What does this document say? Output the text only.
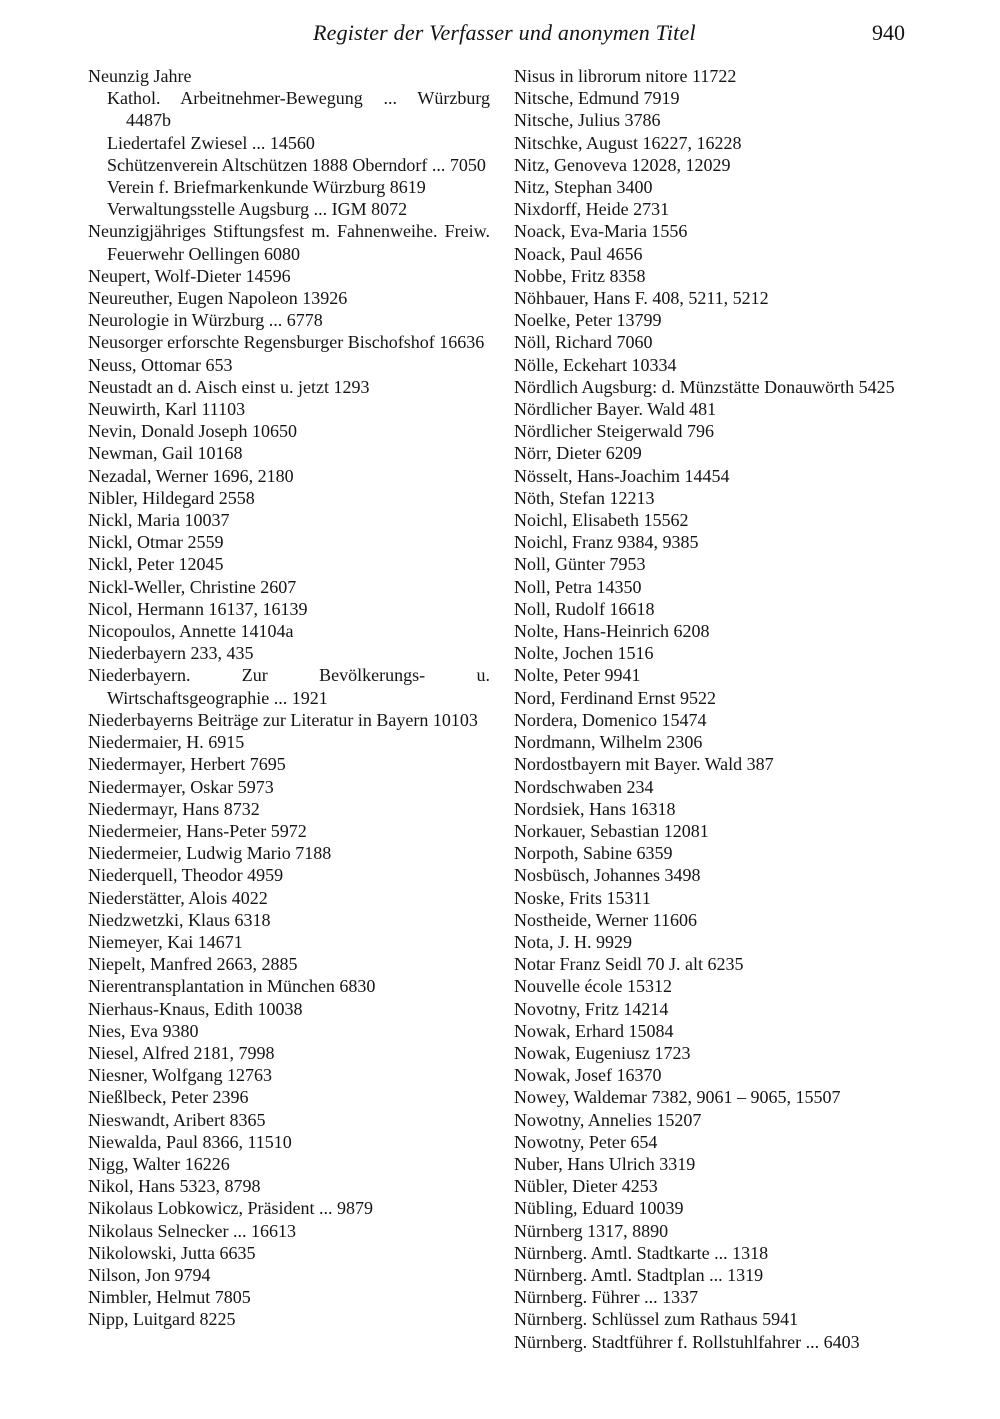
Register der Verfasser und anonymen Titel	940
Neunzig Jahre
Kathol. Arbeitnehmer-Bewegung ... Würzburg 4487b
Liedertafel Zwiesel ... 14560
Schützenverein Altschützen 1888 Oberndorf ... 7050
Verein f. Briefmarkenkunde Würzburg 8619
Verwaltungsstelle Augsburg ... IGM 8072
Neunzigjähriges Stiftungsfest m. Fahnenweihe. Freiw. Feuerwehr Oellingen 6080
Neupert, Wolf-Dieter 14596
Neureuther, Eugen Napoleon 13926
Neurologie in Würzburg ... 6778
Neusorger erforschte Regensburger Bischofshof 16636
Neuss, Ottomar 653
Neustadt an d. Aisch einst u. jetzt 1293
Neuwirth, Karl 11103
Nevin, Donald Joseph 10650
Newman, Gail 10168
Nezadal, Werner 1696, 2180
Nibler, Hildegard 2558
Nickl, Maria 10037
Nickl, Otmar 2559
Nickl, Peter 12045
Nickl-Weller, Christine 2607
Nicol, Hermann 16137, 16139
Nicopoulos, Annette 14104a
Niederbayern 233, 435
Niederbayern. Zur Bevölkerungs- u. Wirtschaftsgeographie ... 1921
Niederbayerns Beiträge zur Literatur in Bayern 10103
Niedermaier, H. 6915
Niedermayer, Herbert 7695
Niedermayer, Oskar 5973
Niedermayr, Hans 8732
Niedermeier, Hans-Peter 5972
Niedermeier, Ludwig Mario 7188
Niederquell, Theodor 4959
Niederstätter, Alois 4022
Niedzwetzki, Klaus 6318
Niemeyer, Kai 14671
Niepelt, Manfred 2663, 2885
Nierentransplantation in München 6830
Nierhaus-Knaus, Edith 10038
Nies, Eva 9380
Niesel, Alfred 2181, 7998
Niesner, Wolfgang 12763
Nießlbeck, Peter 2396
Nieswandt, Aribert 8365
Niewalda, Paul 8366, 11510
Nigg, Walter 16226
Nikol, Hans 5323, 8798
Nikolaus Lobkowicz, Präsident ... 9879
Nikolaus Selnecker ... 16613
Nikolowski, Jutta 6635
Nilson, Jon 9794
Nimbler, Helmut 7805
Nipp, Luitgard 8225
Nisus in librorum nitore 11722
Nitsche, Edmund 7919
Nitsche, Julius 3786
Nitschke, August 16227, 16228
Nitz, Genoveva 12028, 12029
Nitz, Stephan 3400
Nixdorff, Heide 2731
Noack, Eva-Maria 1556
Noack, Paul 4656
Nobbe, Fritz 8358
Nöhbauer, Hans F. 408, 5211, 5212
Noelke, Peter 13799
Nöll, Richard 7060
Nölle, Eckehart 10334
Nördlich Augsburg: d. Münzstätte Donauwörth 5425
Nördlicher Bayer. Wald 481
Nördlicher Steigerwald 796
Nörr, Dieter 6209
Nösselt, Hans-Joachim 14454
Nöth, Stefan 12213
Noichl, Elisabeth 15562
Noichl, Franz 9384, 9385
Noll, Günter 7953
Noll, Petra 14350
Noll, Rudolf 16618
Nolte, Hans-Heinrich 6208
Nolte, Jochen 1516
Nolte, Peter 9941
Nord, Ferdinand Ernst 9522
Nordera, Domenico 15474
Nordmann, Wilhelm 2306
Nordostbayern mit Bayer. Wald 387
Nordschwaben 234
Nordsiek, Hans 16318
Norkauer, Sebastian 12081
Norpoth, Sabine 6359
Nosbüsch, Johannes 3498
Noske, Frits 15311
Nostheide, Werner 11606
Nota, J. H. 9929
Notar Franz Seidl 70 J. alt 6235
Nouvelle école 15312
Novotny, Fritz 14214
Nowak, Erhard 15084
Nowak, Eugeniusz 1723
Nowak, Josef 16370
Nowey, Waldemar 7382, 9061 – 9065, 15507
Nowotny, Annelies 15207
Nowotny, Peter 654
Nuber, Hans Ulrich 3319
Nübler, Dieter 4253
Nübling, Eduard 10039
Nürnberg 1317, 8890
Nürnberg. Amtl. Stadtkarte ... 1318
Nürnberg. Amtl. Stadtplan ... 1319
Nürnberg. Führer ... 1337
Nürnberg. Schlüssel zum Rathaus 5941
Nürnberg. Stadtführer f. Rollstuhlfahrer ... 6403
